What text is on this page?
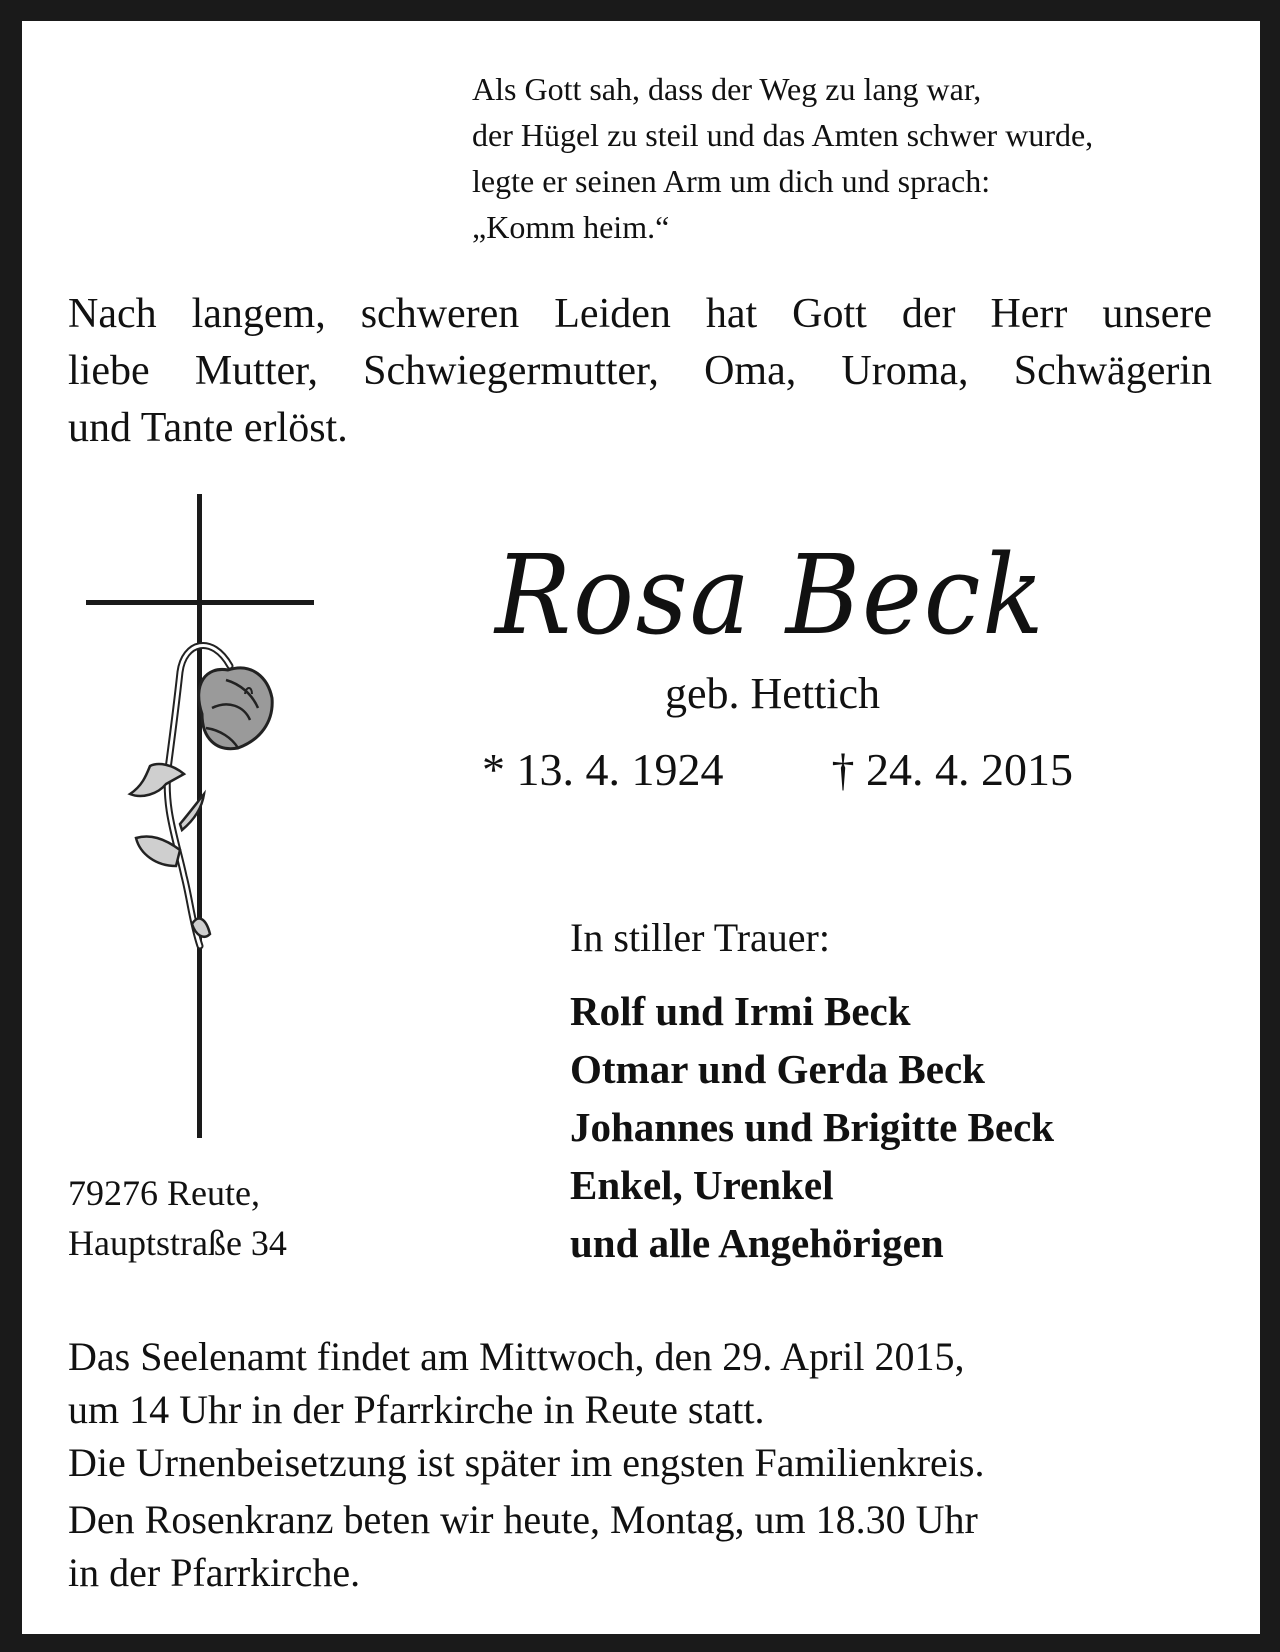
Als Gott sah, dass der Weg zu lang war,
der Hügel zu steil und das Amten schwer wurde,
legte er seinen Arm um dich und sprach:
„Komm heim.“
Nach langem, schweren Leiden hat Gott der Herr unsere
liebe Mutter, Schwiegermutter, Oma, Uroma, Schwägerin
und Tante erlöst.
Rosa Beck
geb. Hettich
* 13. 4. 1924 † 24. 4. 2015
In stiller Trauer:
Rolf und Irmi Beck
Otmar und Gerda Beck
Johannes und Brigitte Beck
Enkel, Urenkel
und alle Angehörigen
79276 Reute,
Hauptstraße 34
Das Seelenamt findet am Mittwoch, den 29. April 2015,
um 14 Uhr in der Pfarrkirche in Reute statt.
Die Urnenbeisetzung ist später im engsten Familienkreis.
Den Rosenkranz beten wir heute, Montag, um 18.30 Uhr
in der Pfarrkirche.
